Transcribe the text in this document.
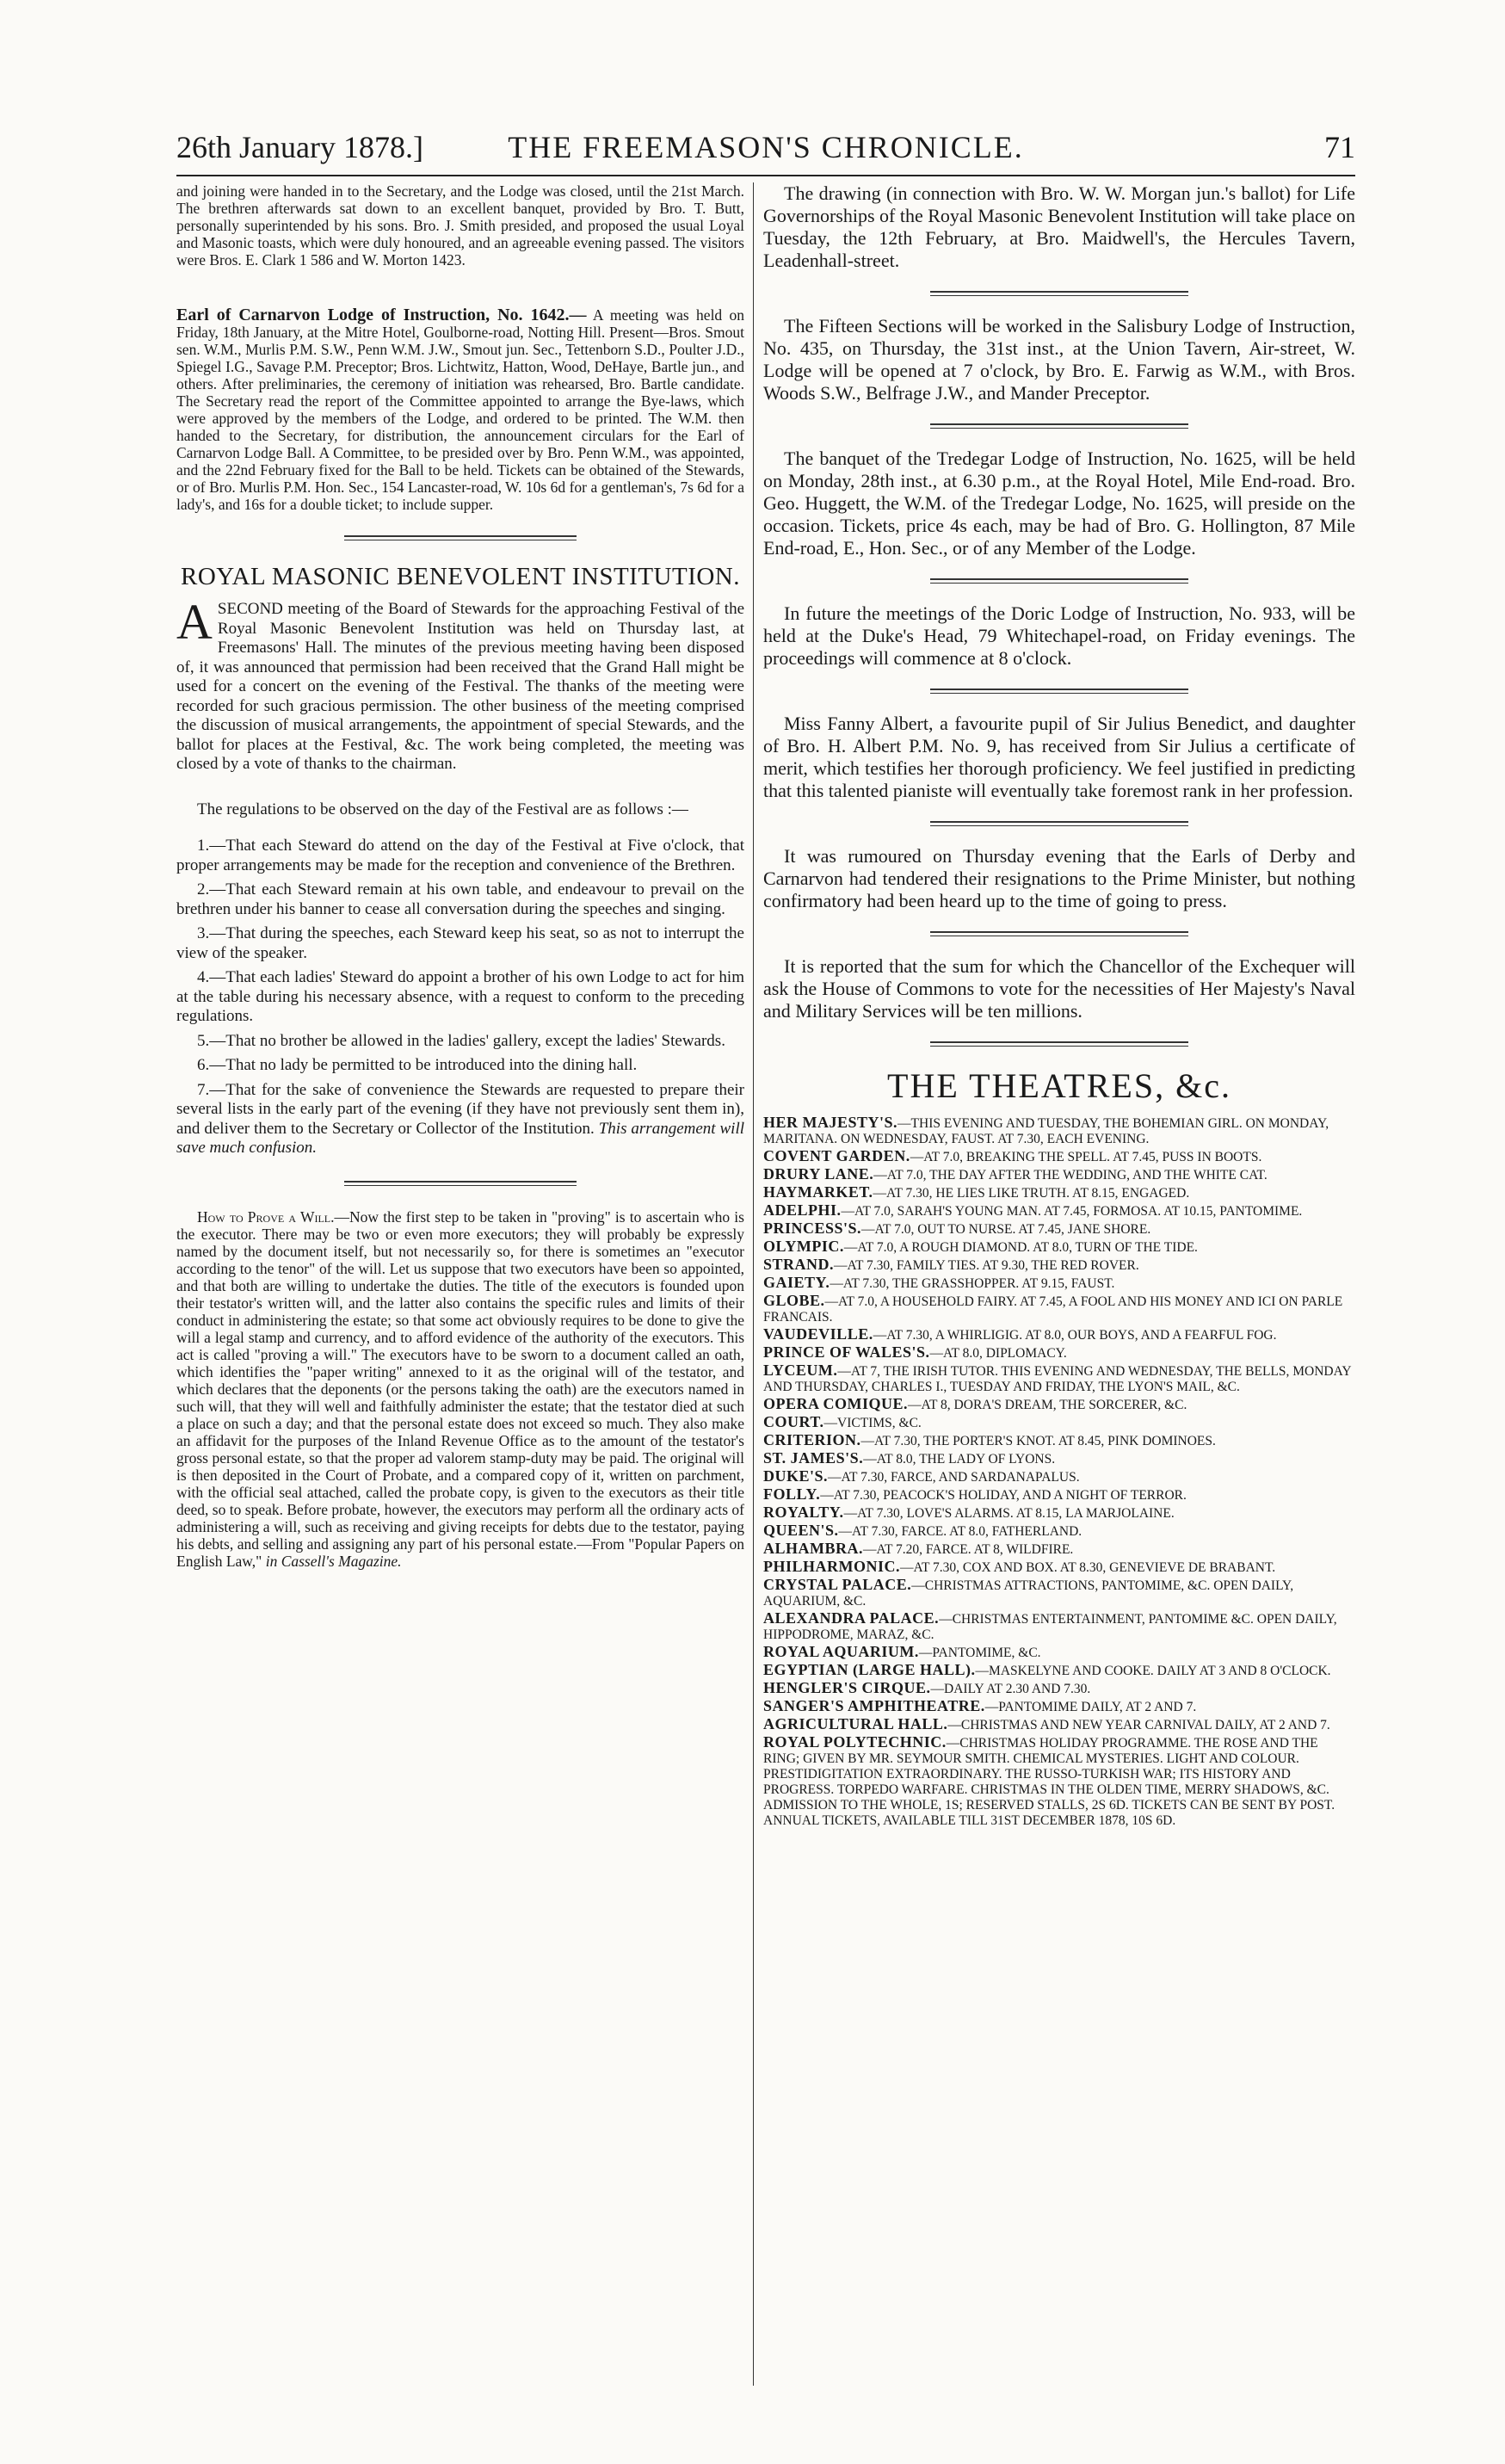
26th January 1878.]	THE FREEMASON'S CHRONICLE.	71

and joining were handed in to the Secretary, and the Lodge was closed, until the 21st March. The brethren afterwards sat down to an excellent banquet, provided by Bro. T. Butt, personally superintended by his sons. Bro. J. Smith presided, and proposed the usual Loyal and Masonic toasts, which were duly honoured, and an agreeable evening passed. The visitors were Bros. E. Clark 1 586 and W. Morton 1423.

Earl of Carnarvon Lodge of Instruction, No. 1642.— A meeting was held on Friday, 18th January, at the Mitre Hotel, Goulborne-road, Notting Hill. Present—Bros. Smout sen. W.M., Murlis P.M. S.W., Penn W.M. J.W., Smout jun. Sec., Tettenborn S.D., Poulter J.D., Spiegel I.G., Savage P.M. Preceptor; Bros. Lichtwitz, Hatton, Wood, DeHaye, Bartle jun., and others. After preliminaries, the ceremony of initiation was rehearsed, Bro. Bartle candidate. The Secretary read the report of the Committee appointed to arrange the Bye-laws, which were approved by the members of the Lodge, and ordered to be printed. The W.M. then handed to the Secretary, for distribution, the announcement circulars for the Earl of Carnarvon Lodge Ball. A Committee, to be presided over by Bro. Penn W.M., was appointed, and the 22nd February fixed for the Ball to be held. Tickets can be obtained of the Stewards, or of Bro. Murlis P.M. Hon. Sec., 154 Lancaster-road, W. 10s 6d for a gentleman's, 7s 6d for a lady's, and 16s for a double ticket; to include supper.

ROYAL MASONIC BENEVOLENT INSTITUTION.

A SECOND meeting of the Board of Stewards for the approaching Festival of the Royal Masonic Benevolent Institution was held on Thursday last, at Freemasons' Hall. The minutes of the previous meeting having been disposed of, it was announced that permission had been received that the Grand Hall might be used for a concert on the evening of the Festival. The thanks of the meeting were recorded for such gracious permission. The other business of the meeting comprised the discussion of musical arrangements, the appointment of special Stewards, and the ballot for places at the Festival, &c. The work being completed, the meeting was closed by a vote of thanks to the chairman.

The regulations to be observed on the day of the Festival are as follows :—

1.—That each Steward do attend on the day of the Festival at Five o'clock, that proper arrangements may be made for the reception and convenience of the Brethren.

2.—That each Steward remain at his own table, and endeavour to prevail on the brethren under his banner to cease all conversation during the speeches and singing.

3.—That during the speeches, each Steward keep his seat, so as not to interrupt the view of the speaker.

4.—That each ladies' Steward do appoint a brother of his own Lodge to act for him at the table during his necessary absence, with a request to conform to the preceding regulations.

5.—That no brother be allowed in the ladies' gallery, except the ladies' Stewards.

6.—That no lady be permitted to be introduced into the dining hall.

7.—That for the sake of convenience the Stewards are requested to prepare their several lists in the early part of the evening (if they have not previously sent them in), and deliver them to the Secretary or Collector of the Institution. This arrangement will save much confusion.

How to Prove a Will.—Now the first step to be taken in "proving" is to ascertain who is the executor. There may be two or even more executors; they will probably be expressly named by the document itself, but not necessarily so, for there is sometimes an "executor according to the tenor" of the will. Let us suppose that two executors have been so appointed, and that both are willing to undertake the duties. The title of the executors is founded upon their testator's written will, and the latter also contains the specific rules and limits of their conduct in administering the estate; so that some act obviously requires to be done to give the will a legal stamp and currency, and to afford evidence of the authority of the executors. This act is called "proving a will." The executors have to be sworn to a document called an oath, which identifies the "paper writing" annexed to it as the original will of the testator, and which declares that the deponents (or the persons taking the oath) are the executors named in such will, that they will well and faithfully administer the estate; that the testator died at such a place on such a day; and that the personal estate does not exceed so much. They also make an affidavit for the purposes of the Inland Revenue Office as to the amount of the testator's gross personal estate, so that the proper ad valorem stamp-duty may be paid. The original will is then deposited in the Court of Probate, and a compared copy of it, written on parchment, with the official seal attached, called the probate copy, is given to the executors as their title deed, so to speak. Before probate, however, the executors may perform all the ordinary acts of administering a will, such as receiving and giving receipts for debts due to the testator, paying his debts, and selling and assigning any part of his personal estate.—From "Popular Papers on English Law," in Cassell's Magazine.

The drawing (in connection with Bro. W. W. Morgan jun.'s ballot) for Life Governorships of the Royal Masonic Benevolent Institution will take place on Tuesday, the 12th February, at Bro. Maidwell's, the Hercules Tavern, Leadenhall-street.

The Fifteen Sections will be worked in the Salisbury Lodge of Instruction, No. 435, on Thursday, the 31st inst., at the Union Tavern, Air-street, W. Lodge will be opened at 7 o'clock, by Bro. E. Farwig as W.M., with Bros. Woods S.W., Belfrage J.W., and Mander Preceptor.

The banquet of the Tredegar Lodge of Instruction, No. 1625, will be held on Monday, 28th inst., at 6.30 p.m., at the Royal Hotel, Mile End-road. Bro. Geo. Huggett, the W.M. of the Tredegar Lodge, No. 1625, will preside on the occasion. Tickets, price 4s each, may be had of Bro. G. Hollington, 87 Mile End-road, E., Hon. Sec., or of any Member of the Lodge.

In future the meetings of the Doric Lodge of Instruction, No. 933, will be held at the Duke's Head, 79 Whitechapel-road, on Friday evenings. The proceedings will commence at 8 o'clock.

Miss Fanny Albert, a favourite pupil of Sir Julius Benedict, and daughter of Bro. H. Albert P.M. No. 9, has received from Sir Julius a certificate of merit, which testifies her thorough proficiency. We feel justified in predicting that this talented pianiste will eventually take foremost rank in her profession.

It was rumoured on Thursday evening that the Earls of Derby and Carnarvon had tendered their resignations to the Prime Minister, but nothing confirmatory had been heard up to the time of going to press.

It is reported that the sum for which the Chancellor of the Exchequer will ask the House of Commons to vote for the necessities of Her Majesty's Naval and Military Services will be ten millions.

THE THEATRES, &c.

HER MAJESTY'S.—THIS EVENING AND TUESDAY, THE BOHEMIAN GIRL. ON MONDAY, MARITANA. ON WEDNESDAY, FAUST. AT 7.30, EACH EVENING.

COVENT GARDEN.—AT 7.0, BREAKING THE SPELL. AT 7.45, PUSS IN BOOTS.

DRURY LANE.—AT 7.0, THE DAY AFTER THE WEDDING, AND THE WHITE CAT.

HAYMARKET.—AT 7.30, HE LIES LIKE TRUTH. AT 8.15, ENGAGED.

ADELPHI.—AT 7.0, SARAH'S YOUNG MAN. AT 7.45, FORMOSA. AT 10.15, PANTOMIME.

PRINCESS'S.—AT 7.0, OUT TO NURSE. AT 7.45, JANE SHORE.

OLYMPIC.—AT 7.0, A ROUGH DIAMOND. AT 8.0, TURN OF THE TIDE.

STRAND.—AT 7.30, FAMILY TIES. AT 9.30, THE RED ROVER.

GAIETY.—AT 7.30, THE GRASSHOPPER. AT 9.15, FAUST.

GLOBE.—AT 7.0, A HOUSEHOLD FAIRY. AT 7.45, A FOOL AND HIS MONEY AND ICI ON PARLE FRANCAIS.

VAUDEVILLE.—AT 7.30, A WHIRLIGIG. AT 8.0, OUR BOYS, AND A FEARFUL FOG.

PRINCE OF WALES'S.—AT 8.0, DIPLOMACY.

LYCEUM.—AT 7, THE IRISH TUTOR. THIS EVENING AND WEDNESDAY, THE BELLS, MONDAY AND THURSDAY, CHARLES I., TUESDAY AND FRIDAY, THE LYON'S MAIL, &C.

OPERA COMIQUE.—AT 8, DORA'S DREAM, THE SORCERER, &C.

COURT.—VICTIMS, &C.

CRITERION.—AT 7.30, THE PORTER'S KNOT. AT 8.45, PINK DOMINOES.

ST. JAMES'S.—AT 8.0, THE LADY OF LYONS.

DUKE'S.—AT 7.30, FARCE, AND SARDANAPALUS.

FOLLY.—AT 7.30, PEACOCK'S HOLIDAY, AND A NIGHT OF TERROR.

ROYALTY.—AT 7.30, LOVE'S ALARMS. AT 8.15, LA MARJOLAINE.

QUEEN'S.—AT 7.30, FARCE. AT 8.0, FATHERLAND.

ALHAMBRA.—AT 7.20, FARCE. AT 8, WILDFIRE.

PHILHARMONIC.—AT 7.30, COX AND BOX. AT 8.30, GENEVIEVE DE BRABANT.

CRYSTAL PALACE.—CHRISTMAS ATTRACTIONS, PANTOMIME, &C. OPEN DAILY, AQUARIUM, &C.

ALEXANDRA PALACE.—CHRISTMAS ENTERTAINMENT, PANTOMIME &C. OPEN DAILY, HIPPODROME, MARAZ, &C.

ROYAL AQUARIUM.—PANTOMIME, &C.

EGYPTIAN (LARGE HALL).—MASKELYNE AND COOKE. DAILY AT 3 AND 8 O'CLOCK.

HENGLER'S CIRQUE.—DAILY AT 2.30 AND 7.30.

SANGER'S AMPHITHEATRE.—PANTOMIME DAILY, AT 2 AND 7.

AGRICULTURAL HALL.—CHRISTMAS AND NEW YEAR CARNIVAL DAILY, AT 2 AND 7.

ROYAL POLYTECHNIC.—CHRISTMAS HOLIDAY PROGRAMME. THE ROSE AND THE RING; GIVEN BY MR. SEYMOUR SMITH. CHEMICAL MYSTERIES. LIGHT AND COLOUR. PRESTIDIGITATION EXTRAORDINARY. THE RUSSO-TURKISH WAR; ITS HISTORY AND PROGRESS. TORPEDO WARFARE. CHRISTMAS IN THE OLDEN TIME, MERRY SHADOWS, &C. ADMISSION TO THE WHOLE, 1S; RESERVED STALLS, 2S 6D. TICKETS CAN BE SENT BY POST. ANNUAL TICKETS, AVAILABLE TILL 31ST DECEMBER 1878, 10S 6D.
